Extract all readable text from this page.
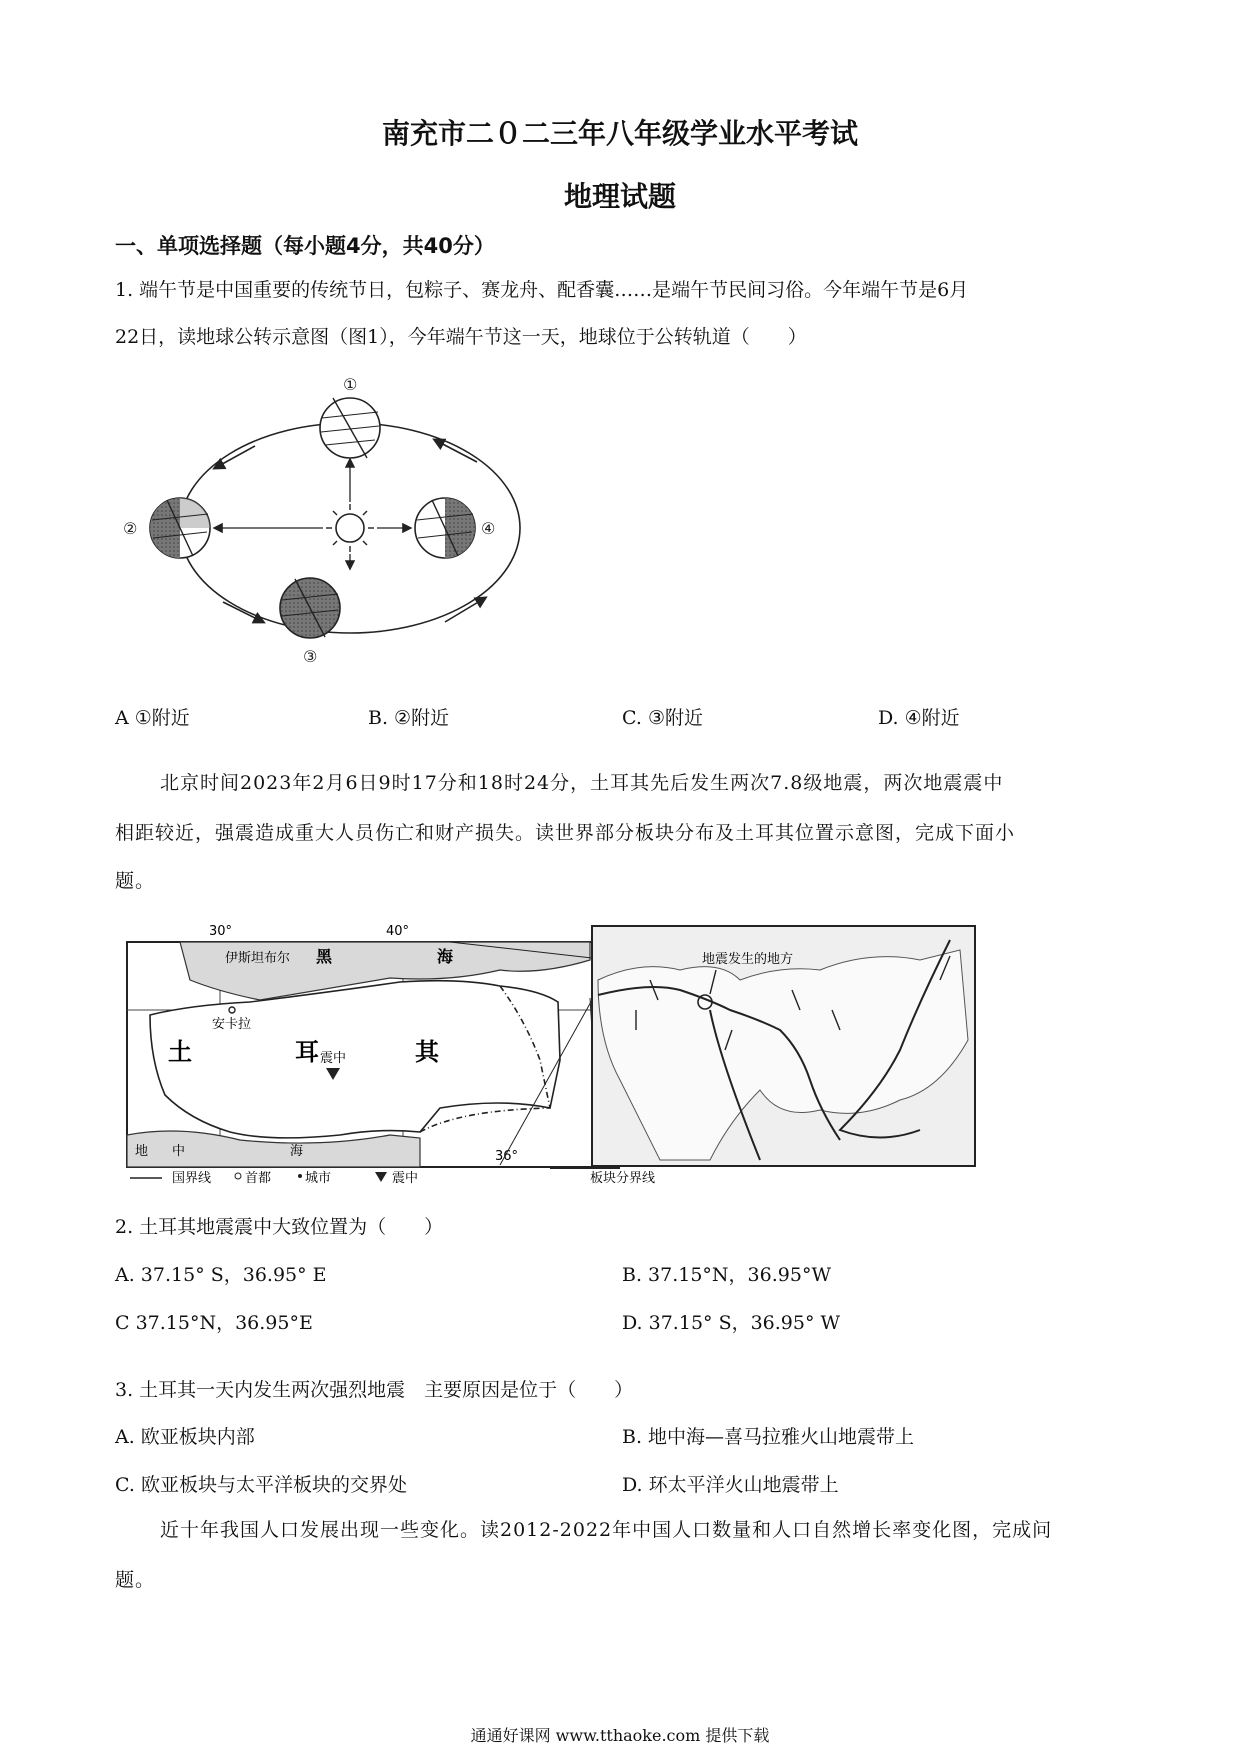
南充市二０二三年八年级学业水平考试
地理试题
一、单项选择题（每小题4分，共40分）
1. 端午节是中国重要的传统节日，包粽子、赛龙舟、配香囊……是端午节民间习俗。今年端午节是6月
22日，读地球公转示意图（图1），今年端午节这一天，地球位于公转轨道（　　）
①
②
③
④
A ①附近	B. ②附近	C. ③附近	D. ④附近
北京时间2023年2月6日9时17分和18时24分，土耳其先后发生两次7.8级地震，两次地震震中
相距较近，强震造成重大人员伤亡和财产损失。读世界部分板块分布及土耳其位置示意图，完成下面小
题。
30°	40°
36°
伊斯坦布尔 黑	海
安卡拉
土	耳	其
震中
地 中	海
地震发生的地方
国界线	首都	城市	震中	板块分界线
2. 土耳其地震震中大致位置为（　　）
A. 37.15° S，36.95° E	B. 37.15°N，36.95°W
C 37.15°N，36.95°E	D. 37.15° S，36.95° W
3. 土耳其一天内发生两次强烈地震　主要原因是位于（　　）
A. 欧亚板块内部	B. 地中海—喜马拉雅火山地震带上
C. 欧亚板块与太平洋板块的交界处	D. 环太平洋火山地震带上
近十年我国人口发展出现一些变化。读2012-2022年中国人口数量和人口自然增长率变化图，完成问
题。
通通好课网 www.tthaoke.com 提供下载
